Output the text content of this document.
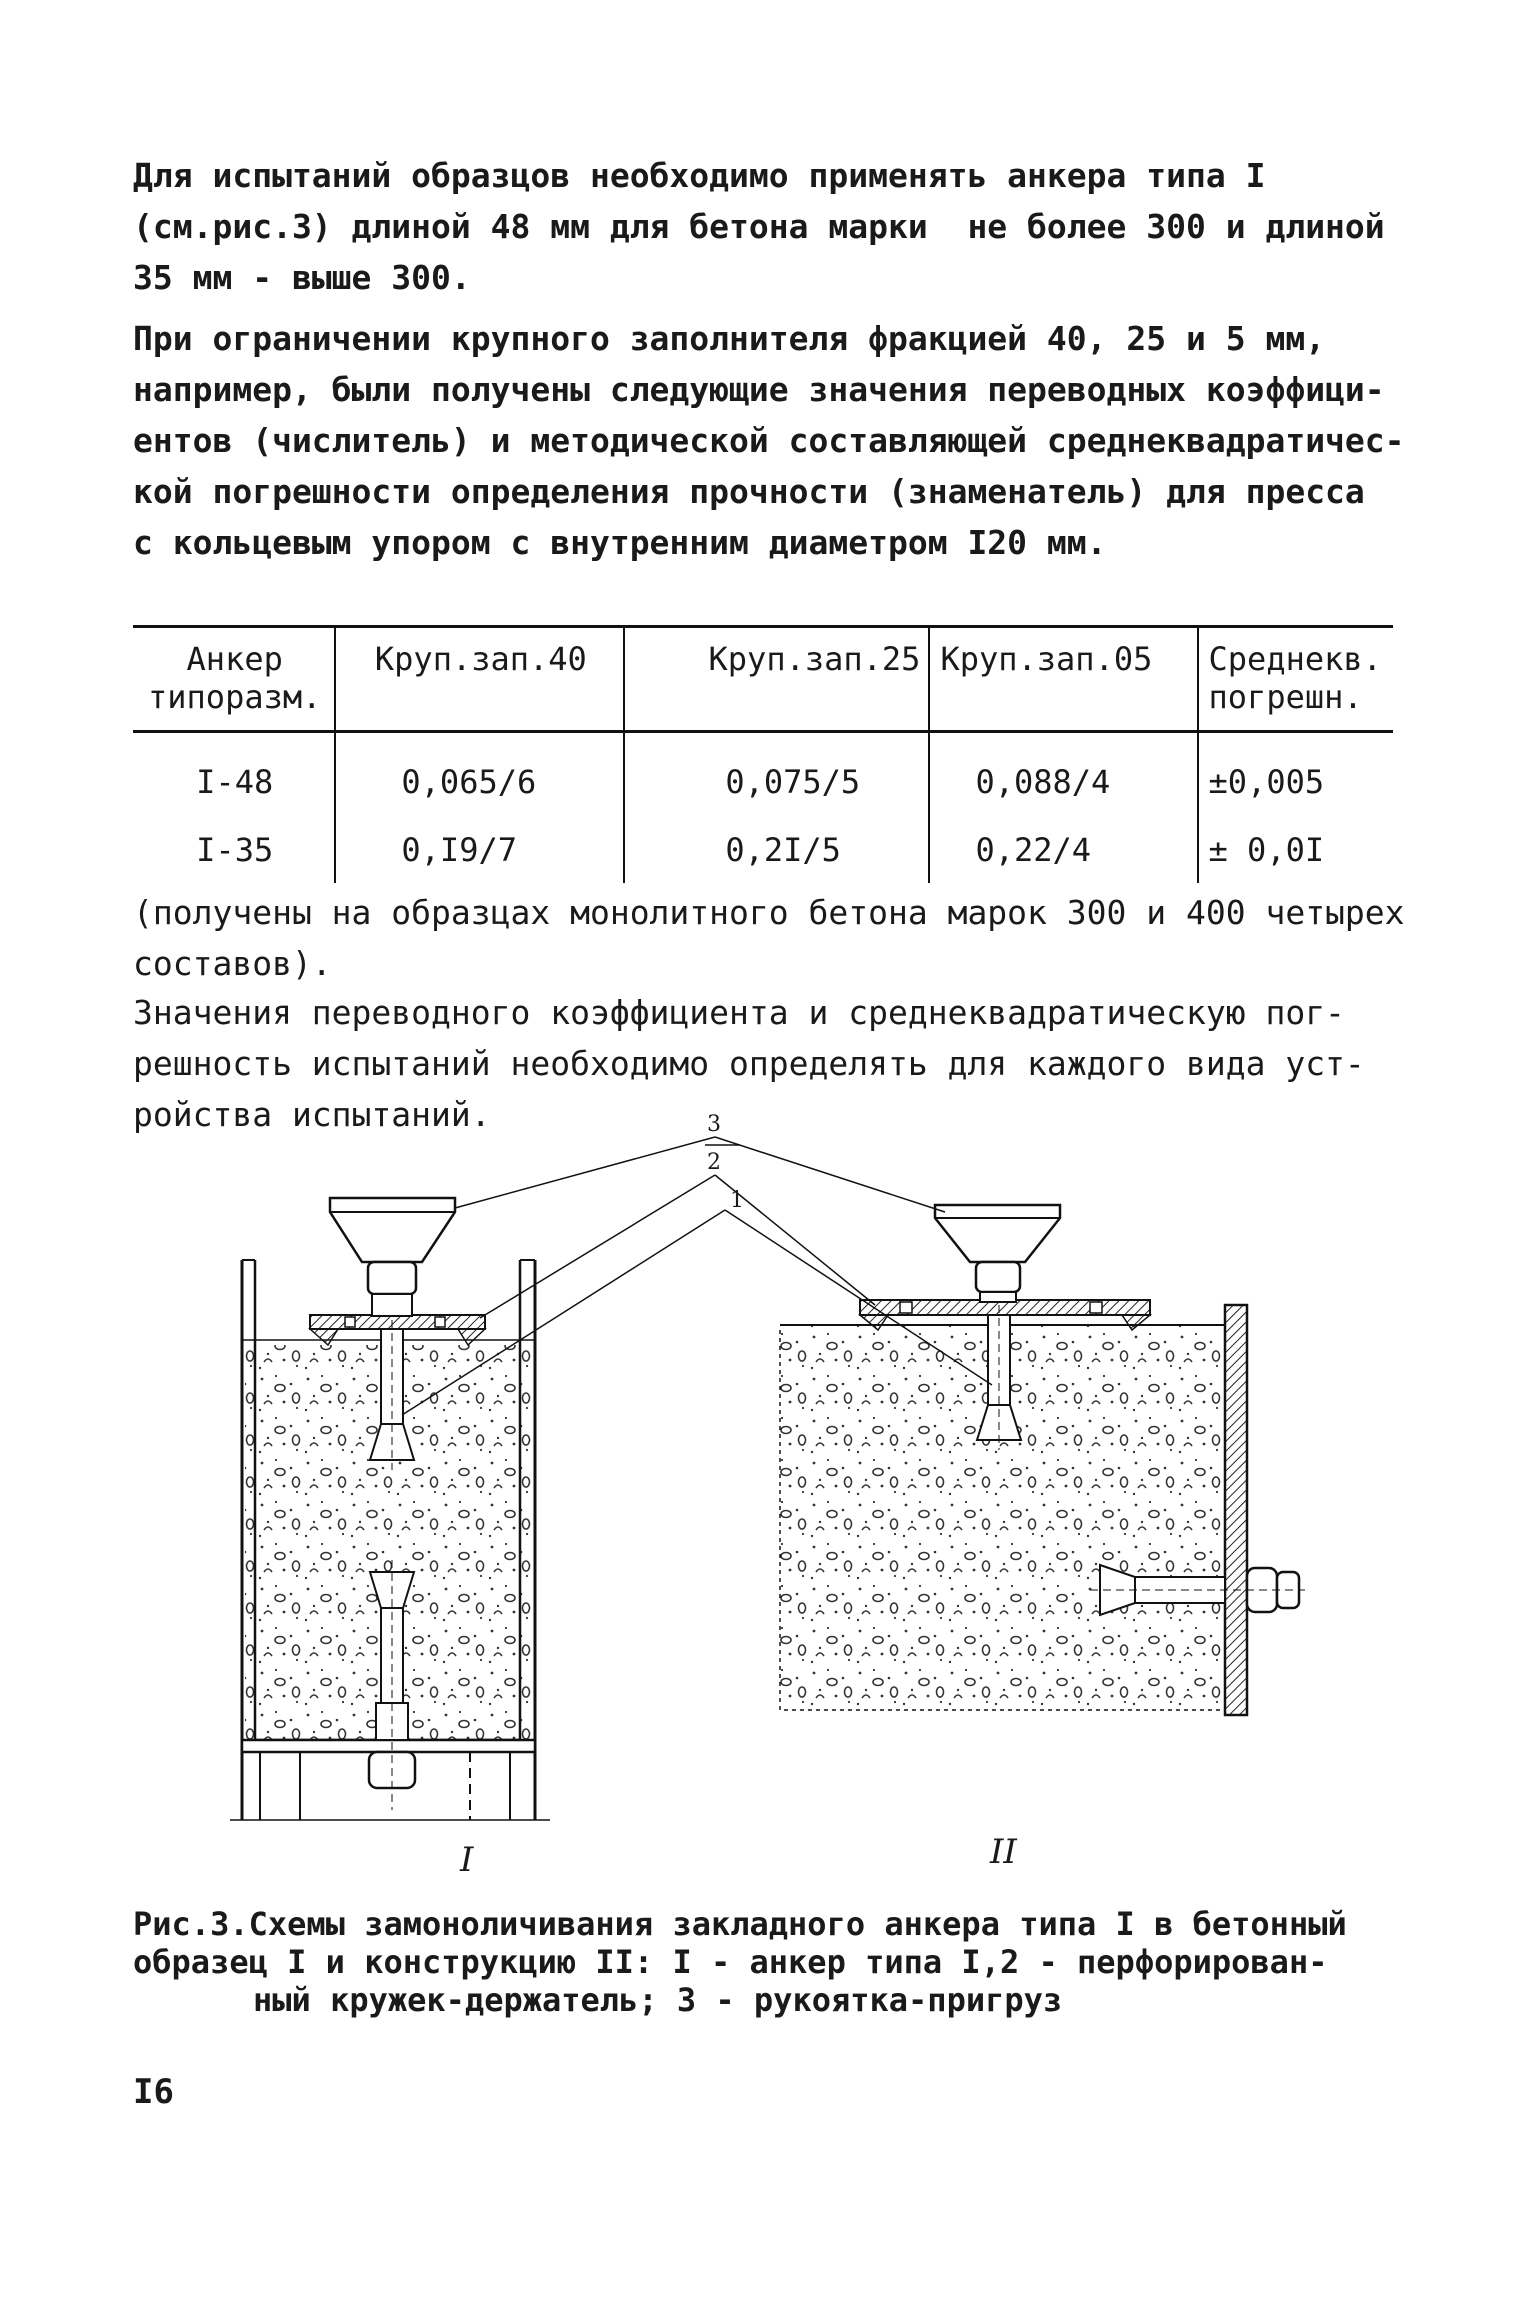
Для испытаний образцов необходимо применять анкера типа I
(см.рис.3) длиной 48 мм для бетона марки  не более 300 и длиной
35 мм - выше 300.

При ограничении крупного заполнителя фракцией 40, 25 и 5 мм,
например, были получены следующие значения переводных коэффици-
ентов (числитель) и методической составляющей среднеквадратичес-
кой погрешности определения прочности (знаменатель) для пресса
с кольцевым упором с внутренним диаметром I20 мм.

Анкер
типоразм.	Круп.зап.40	Круп.зап.25	Круп.зап.05	Среднекв.
погрешн.
I-48	0,065/6	0,075/5	0,088/4	±0,005
I-35	0,I9/7	0,2I/5	0,22/4	± 0,0I

(получены на образцах монолитного бетона марок 300 и 400 четырех
составов).

Значения переводного коэффициента и среднеквадратическую пог-
решность испытаний необходимо определять для каждого вида уст-
ройства испытаний.	3
2
1
I	II
Рис.3.Схемы замоноличивания закладного анкера типа I в бетонный
образец I и конструкцию II: I - анкер типа I,2 - перфорирован-
ный кружек-держатель; 3 - рукоятка-пригруз
I6
